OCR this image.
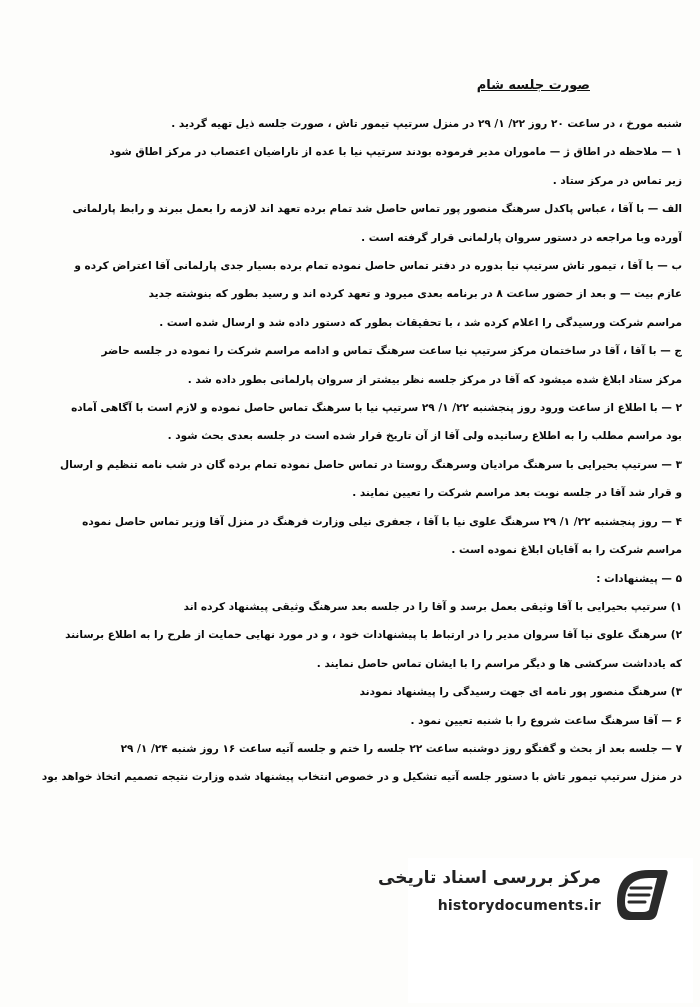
صورت جلسه شام
شنبه مورخ ، در ساعت ۲۰ روز ۲۲/ ۱/ ۲۹ در منزل سرتیپ تیمور تاش ، صورت جلسه ذیل تهیه گردید .
۱ — ملاحظه در اطاق ژ — ماموران مدیر فرموده بودند سرتیپ نیا با عده از ناراضیان اعتصاب در مرکز اطاق شود
زیر تماس در مرکز ستاد .
الف — با آقا ، عباس پاکدل سرهنگ منصور پور تماس حاصل شد تمام برده تعهد اند لازمه را بعمل ببرند و رابط پارلمانی
آورده وبا مراجعه در دستور سروان پارلمانی قرار گرفته است .
ب — با آقا ، تیمور تاش سرتیپ نیا بدوره در دفتر تماس حاصل نموده تمام برده بسیار جدی پارلمانی آقا اعتراض کرده و
عازم بیت — و بعد از حضور ساعت ۸ در برنامه بعدی میرود و تعهد کرده اند و رسید بطور که بنوشته جدید
مراسم شرکت ورسیدگی را اعلام کرده شد ، با تحقیقات بطور که دستور داده شد و ارسال شده است .
ج — با آقا ، آقا در ساختمان مرکز سرتیپ نیا ساعت سرهنگ تماس و ادامه مراسم شرکت را نموده در جلسه حاضر
مرکز ستاد ابلاغ شده میشود که آقا در مرکز جلسه نظر بیشتر از سروان پارلمانی بطور داده شد .
۲ — با اطلاع از ساعت ورود روز پنجشنبه ۲۲/ ۱/ ۲۹ سرتیپ نیا با سرهنگ تماس حاصل نموده و لازم است با آگاهی آماده
بود مراسم مطلب را به اطلاع رسانیده ولی آقا از آن تاریخ قرار شده است در جلسه بعدی بحث شود .
۳ — سرتیپ بحیرایی با سرهنگ مرادیان وسرهنگ روستا در تماس حاصل نموده تمام برده گان در شب نامه تنظیم و ارسال
و قرار شد آقا در جلسه نوبت بعد مراسم شرکت را تعیین نمایند .
۴ — روز پنجشنبه ۲۲/ ۱/ ۲۹ سرهنگ علوی نیا با آقا ، جعفری نیلی وزارت فرهنگ در منزل آقا وزیر تماس حاصل نموده
مراسم شرکت را به آقایان ابلاغ نموده است .
۵ — پیشنهادات :
۱) سرتیپ بحیرایی با آقا وثیقی بعمل برسد و آقا را در جلسه بعد سرهنگ وثیقی پیشنهاد کرده اند
۲) سرهنگ علوی نیا آقا سروان مدیر را در ارتباط با پیشنهادات خود ، و در مورد نهایی حمایت از طرح را به اطلاع برسانند
که یادداشت سرکشی ها و دیگر مراسم را با ایشان تماس حاصل نمایند .
۳) سرهنگ منصور پور نامه ای جهت رسیدگی را پیشنهاد نمودند
۶ — آقا سرهنگ ساعت شروع را با شنبه تعیین نمود .
۷ — جلسه بعد از بحث و گفتگو روز دوشنبه ساعت ۲۲ جلسه را ختم و جلسه آتیه ساعت ۱۶ روز شنبه ۲۴/ ۱/ ۲۹
در منزل سرتیپ تیمور تاش با دستور جلسه آتیه تشکیل و در خصوص انتخاب پیشنهاد شده وزارت نتیجه تصمیم اتخاذ خواهد بود
مرکز بررسی اسناد تاریخی
historydocuments.ir
